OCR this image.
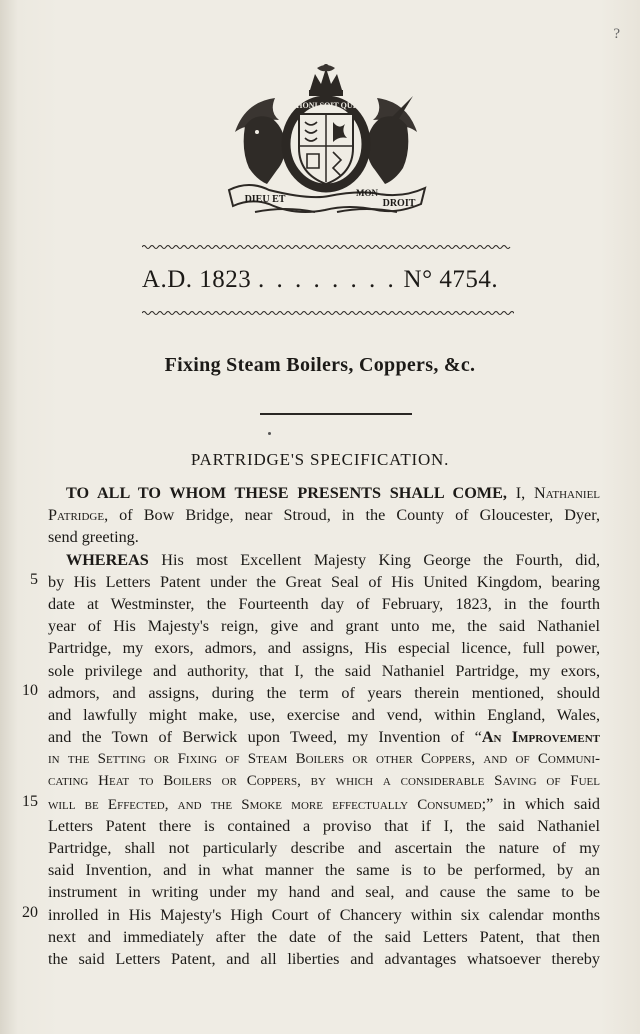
?
HONI SOIT QUI
DIEU ET
MON
DROIT
A.D. 1823 . . . . . . . . N° 4754.
Fixing Steam Boilers, Coppers, &c.
PARTRIDGE'S SPECIFICATION.
5
10
15
20
TO ALL TO WHOM THESE PRESENTS SHALL COME, I, Nathaniel
Patridge, of Bow Bridge, near Stroud, in the County of Gloucester, Dyer,
send greeting.
WHEREAS His most Excellent Majesty King George the Fourth, did,
by His Letters Patent under the Great Seal of His United Kingdom, bearing
date at Westminster, the Fourteenth day of February, 1823, in the fourth
year of His Majesty's reign, give and grant unto me, the said Nathaniel
Partridge, my exors, admors, and assigns, His especial licence, full power,
sole privilege and authority, that I, the said Nathaniel Partridge, my exors,
admors, and assigns, during the term of years therein mentioned, should
and lawfully might make, use, exercise and vend, within England, Wales,
and the Town of Berwick upon Tweed, my Invention of “An Improvement
in the Setting or Fixing of Steam Boilers or other Coppers, and of Communi-
cating Heat to Boilers or Coppers, by which a considerable Saving of Fuel
will be Effected, and the Smoke more effectually Consumed;” in which said
Letters Patent there is contained a proviso that if I, the said Nathaniel
Partridge, shall not particularly describe and ascertain the nature of my
said Invention, and in what manner the same is to be performed, by an
instrument in writing under my hand and seal, and cause the same to be
inrolled in His Majesty's High Court of Chancery within six calendar months
next and immediately after the date of the said Letters Patent, that then
the said Letters Patent, and all liberties and advantages whatsoever thereby
